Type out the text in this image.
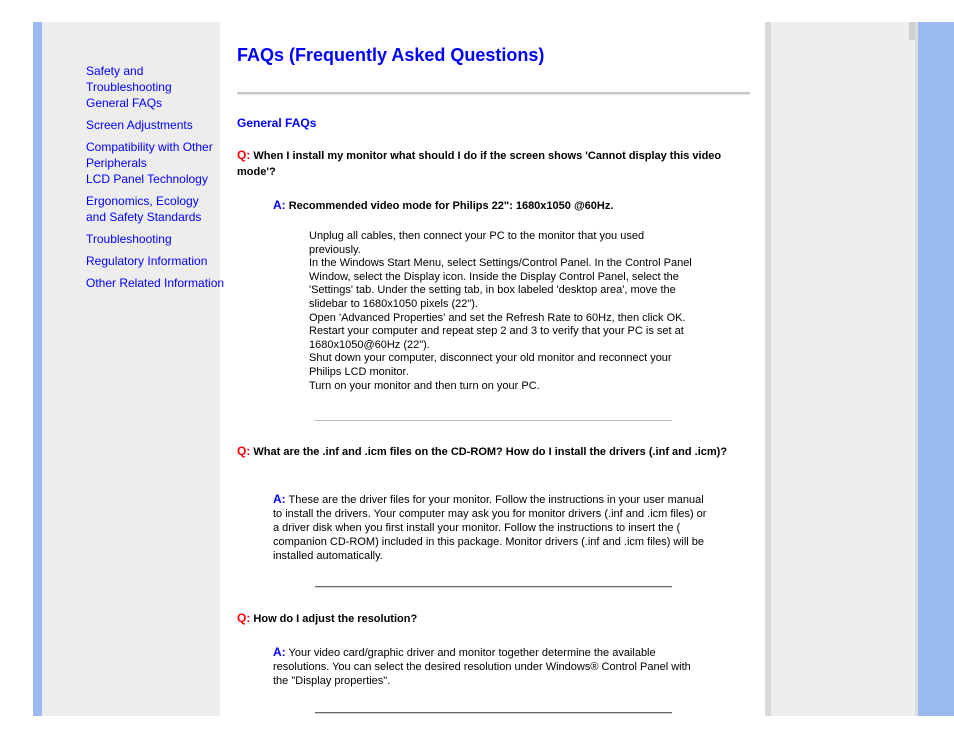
Safety and Troubleshooting
General FAQs
Screen Adjustments
Compatibility with Other Peripherals
LCD Panel Technology
Ergonomics, Ecology and Safety Standards
Troubleshooting
Regulatory Information
Other Related Information
FAQs (Frequently Asked Questions)
General FAQs
Q: When I install my monitor what should I do if the screen shows 'Cannot display this video mode'?
A: Recommended video mode for Philips 22": 1680x1050 @60Hz.
Unplug all cables, then connect your PC to the monitor that you used previously.
In the Windows Start Menu, select Settings/Control Panel. In the Control Panel Window, select the Display icon. Inside the Display Control Panel, select the 'Settings' tab. Under the setting tab, in box labeled 'desktop area', move the slidebar to 1680x1050 pixels (22").
Open 'Advanced Properties' and set the Refresh Rate to 60Hz, then click OK.
Restart your computer and repeat step 2 and 3 to verify that your PC is set at 1680x1050@60Hz (22").
Shut down your computer, disconnect your old monitor and reconnect your Philips LCD monitor.
Turn on your monitor and then turn on your PC.
Q: What are the .inf and .icm files on the CD-ROM? How do I install the drivers (.inf and .icm)?
A: These are the driver files for your monitor. Follow the instructions in your user manual to install the drivers. Your computer may ask you for monitor drivers (.inf and .icm files) or a driver disk when you first install your monitor. Follow the instructions to insert the ( companion CD-ROM) included in this package. Monitor drivers (.inf and .icm files) will be installed automatically.
Q: How do I adjust the resolution?
A: Your video card/graphic driver and monitor together determine the available resolutions. You can select the desired resolution under Windows® Control Panel with the "Display properties".
